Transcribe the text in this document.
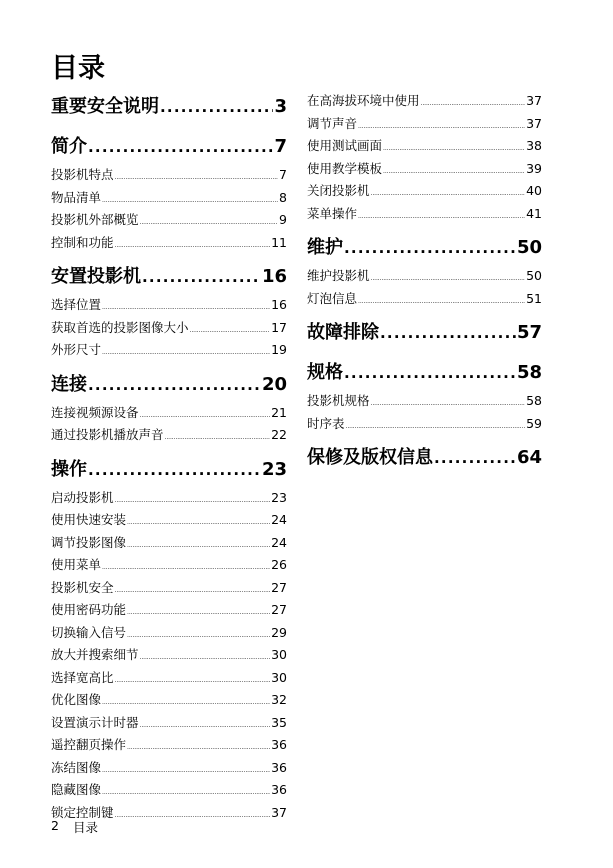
目录
重要安全说明 . . .	3
简介 . . .	7
投影机特点 . . .	7
物品清单 . . .	8
投影机外部概览 . . .	9
控制和功能 . . .	11
安置投影机 . . .	16
选择位置 . . .	16
获取首选的投影图像大小 . . .	17
外形尺寸 . . .	19
连接 . . .	20
连接视频源设备 . . .	21
通过投影机播放声音 . . .	22
操作 . . .	23
启动投影机 . . .	23
使用快速安装 . . .	24
调节投影图像 . . .	24
使用菜单 . . .	26
投影机安全 . . .	27
使用密码功能 . . .	27
切换输入信号 . . .	29
放大并搜索细节 . . .	30
选择宽高比 . . .	30
优化图像 . . .	32
设置演示计时器 . . .	35
遥控翻页操作 . . .	36
冻结图像 . . .	36
隐藏图像 . . .	36
锁定控制键 . . .	37
在高海拔环境中使用 . . .	37
调节声音 . . .	37
使用测试画面 . . .	38
使用教学模板 . . .	39
关闭投影机 . . .	40
菜单操作 . . .	41
维护 . . .	50
维护投影机 . . .	50
灯泡信息 . . .	51
故障排除 . . .	57
规格 . . .	58
投影机规格 . . .	58
时序表 . . .	59
保修及版权信息 . . .	64
2 目录
